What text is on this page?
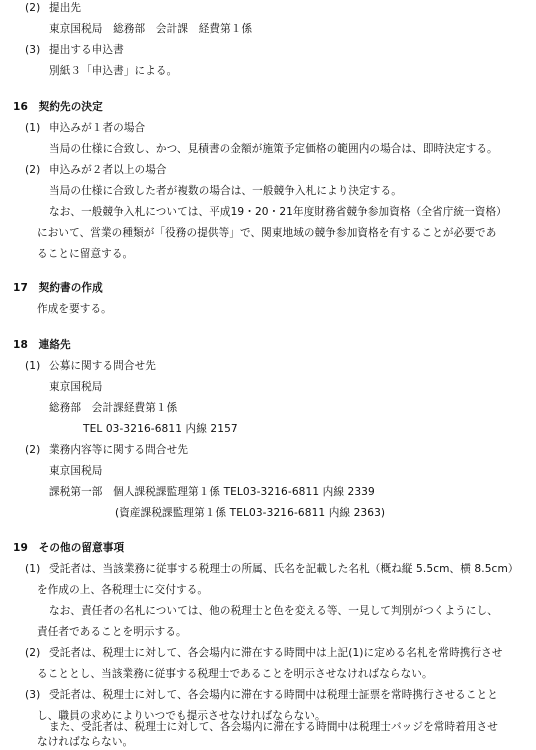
(2) 提出先
東京国税局　総務部　会計課　経費第１係
(3) 提出する申込書
別紙３「申込書」による。
16　契約先の決定
(1) 申込みが１者の場合
当局の仕様に合致し、かつ、見積書の金額が施策予定価格の範囲内の場合は、即時決定する。
(2) 申込みが２者以上の場合
当局の仕様に合致した者が複数の場合は、一般競争入札により決定する。
なお、一般競争入札については、平成19・20・21年度財務省競争参加資格（全省庁統一資格）
において、営業の種類が「役務の提供等」で、関東地域の競争参加資格を有することが必要であ
ることに留意する。
17　契約書の作成
作成を要する。
18　連絡先
(1) 公募に関する問合せ先
東京国税局
総務部　会計課経費第１係
TEL 03-3216-6811 内線 2157
(2) 業務内容等に関する問合せ先
東京国税局
課税第一部　個人課税課監理第１係 TEL03-3216-6811 内線 2339
(資産課税課監理第１係 TEL03-3216-6811 内線 2363)
19　その他の留意事項
(1) 受託者は、当該業務に従事する税理士の所属、氏名を記載した名札（概ね縦 5.5cm、横 8.5cm）
を作成の上、各税理士に交付する。
なお、責任者の名札については、他の税理士と色を変える等、一見して判別がつくようにし、
責任者であることを明示する。
(2) 受託者は、税理士に対して、各会場内に滞在する時間中は上記(1)に定める名札を常時携行させ
ることとし、当該業務に従事する税理士であることを明示させなければならない。
(3) 受託者は、税理士に対して、各会場内に滞在する時間中は税理士証票を常時携行させることと
し、職員の求めによりいつでも提示させなければならない。
また、受託者は、税理士に対して、各会場内に滞在する時間中は税理士バッジを常時着用させ
なければならない。
